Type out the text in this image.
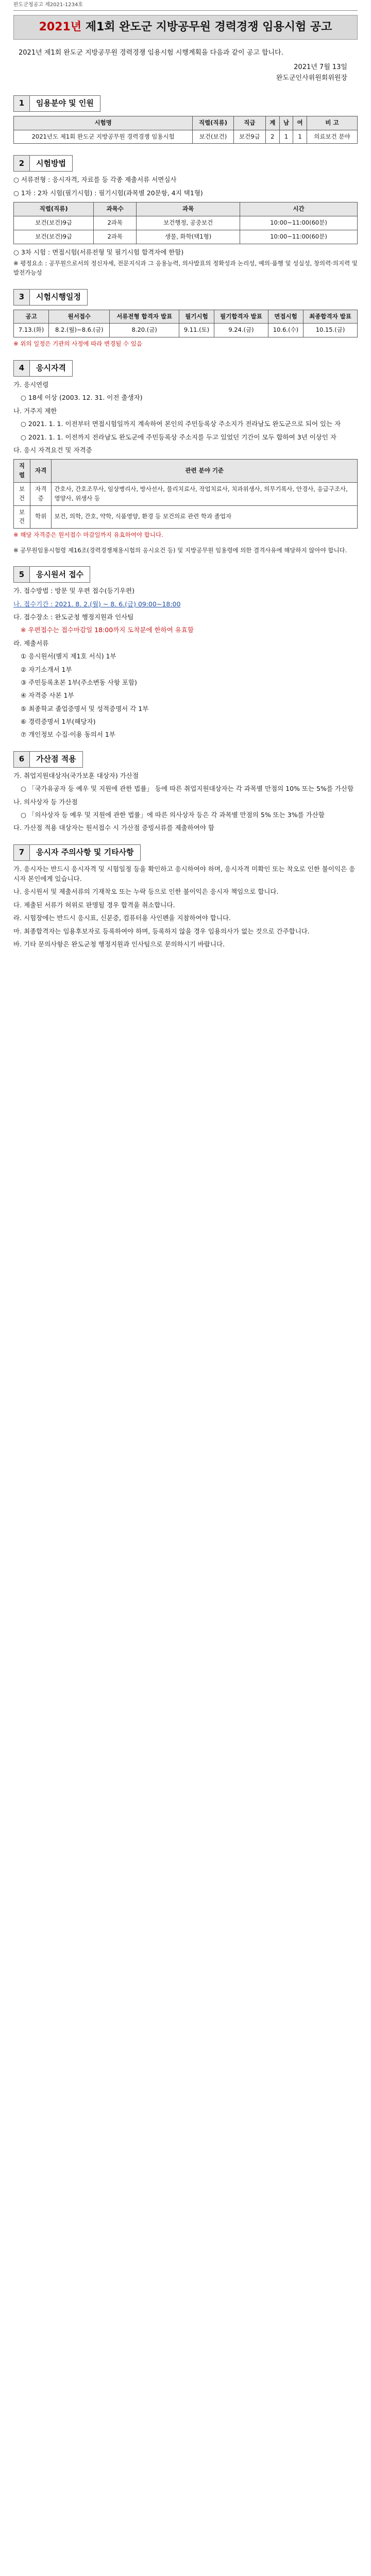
완도군청공고 제2021-1234호
2021년 제1회 완도군 지방공무원 경력경쟁 임용시험 공고

2021년 제1회 완도군 지방공무원 경력경쟁 임용시험 시행계획을 다음과 같이 공고 합니다.

2021년 7월 13일
완도군인사위원회위원장
1	임용분야 및 인원
시험명	직렬(직류)	직급	계	남	여	비 고
2021년도 제1회 완도군 지방공무원 경력경쟁 임용시험	보건(보건)	보건9급	2	1	1	의료보건 분야
2	시험방법

○ 서류전형 : 응시자격, 자료를 등 각종 제출서류 서면심사

○ 1차 : 2차 시험(필기시험) : 필기시험(과목별 20문항, 4지 택1형)

직렬(직류)	과목수	과목	시간
보건(보건)9급	2과목	보건행정, 공중보건	10:00~11:00(60분)
보건(보건)9급	2과목	생물, 화학(택1형)	10:00~11:00(60분)

○ 3차 시험 : 면접시험(서류전형 및 필기시험 합격자에 한함)

※ 평정요소 : 공무원으로서의 정신자세, 전문지식과 그 응용능력, 의사발표의 정확성과 논리성, 예의·품행 및 성실성, 창의력·의지력 및 발전가능성

3	시험시행일정
공고	원서접수	서류전형 합격자 발표	필기시험	필기합격자 발표	면접시험	최종합격자 발표
7.13.(화)	8.2.(월)~8.6.(금)	8.20.(금)	9.11.(토)	9.24.(금)	10.6.(수)	10.15.(금)

※ 위의 일정은 기관의 사정에 따라 변경될 수 있음

4	응시자격

가. 응시연령

○ 18세 이상 (2003. 12. 31. 이전 출생자)

나. 거주지 제한

○ 2021. 1. 1. 이전부터 면접시험일까지 계속하여 본인의 주민등록상 주소지가 전라남도 완도군으로 되어 있는 자

○ 2021. 1. 1. 이전까지 전라남도 완도군에 주민등록상 주소지를 두고 있었던 기간이 모두 합하여 3년 이상인 자

다. 응시 자격요건 및 자격증

직렬	자격	관련 분야 기준
보건	자격증	간호사, 간호조무사, 임상병리사, 방사선사, 물리치료사, 작업치료사, 치과위생사, 의무기록사, 안경사, 응급구조사, 영양사, 위생사 등
보건	학위	보건, 의학, 간호, 약학, 식품영양, 환경 등 보건의료 관련 학과 졸업자

※ 해당 자격증은 원서접수 마감일까지 유효하여야 합니다.

※ 공무원임용시험령 제16조(경력경쟁채용시험의 응시요건 등) 및 지방공무원 임용령에 의한 결격사유에 해당하지 않아야 합니다.

5	응시원서 접수

가. 접수방법 : 방문 및 우편 접수(등기우편)

나. 접수기간 : 2021. 8. 2.(월) ~ 8. 6.(금) 09:00~18:00

다. 접수장소 : 완도군청 행정지원과 인사팀

※ 우편접수는 접수마감일 18:00까지 도착분에 한하여 유효함

라. 제출서류

① 응시원서(별지 제1호 서식) 1부

② 자기소개서 1부

③ 주민등록초본 1부(주소변동 사항 포함)

④ 자격증 사본 1부

⑤ 최종학교 졸업증명서 및 성적증명서 각 1부

⑥ 경력증명서 1부(해당자)

⑦ 개인정보 수집·이용 동의서 1부

6	가산점 적용

가. 취업지원대상자(국가보훈 대상자) 가산점

○ 「국가유공자 등 예우 및 지원에 관한 법률」 등에 따른 취업지원대상자는 각 과목별 만점의 10% 또는 5%를 가산함

나. 의사상자 등 가산점

○ 「의사상자 등 예우 및 지원에 관한 법률」에 따른 의사상자 등은 각 과목별 만점의 5% 또는 3%를 가산함

다. 가산점 적용 대상자는 원서접수 시 가산점 증빙서류를 제출하여야 함

7	응시자 주의사항 및 기타사항

가. 응시자는 반드시 응시자격 및 시험일정 등을 확인하고 응시하여야 하며, 응시자격 미확인 또는 착오로 인한 불이익은 응시자 본인에게 있습니다.

나. 응시원서 및 제출서류의 기재착오 또는 누락 등으로 인한 불이익은 응시자 책임으로 합니다.

다. 제출된 서류가 허위로 판명될 경우 합격을 취소합니다.

라. 시험장에는 반드시 응시표, 신분증, 컴퓨터용 사인펜을 지참하여야 합니다.

마. 최종합격자는 임용후보자로 등록하여야 하며, 등록하지 않을 경우 임용의사가 없는 것으로 간주합니다.

바. 기타 문의사항은 완도군청 행정지원과 인사팀으로 문의하시기 바랍니다.
